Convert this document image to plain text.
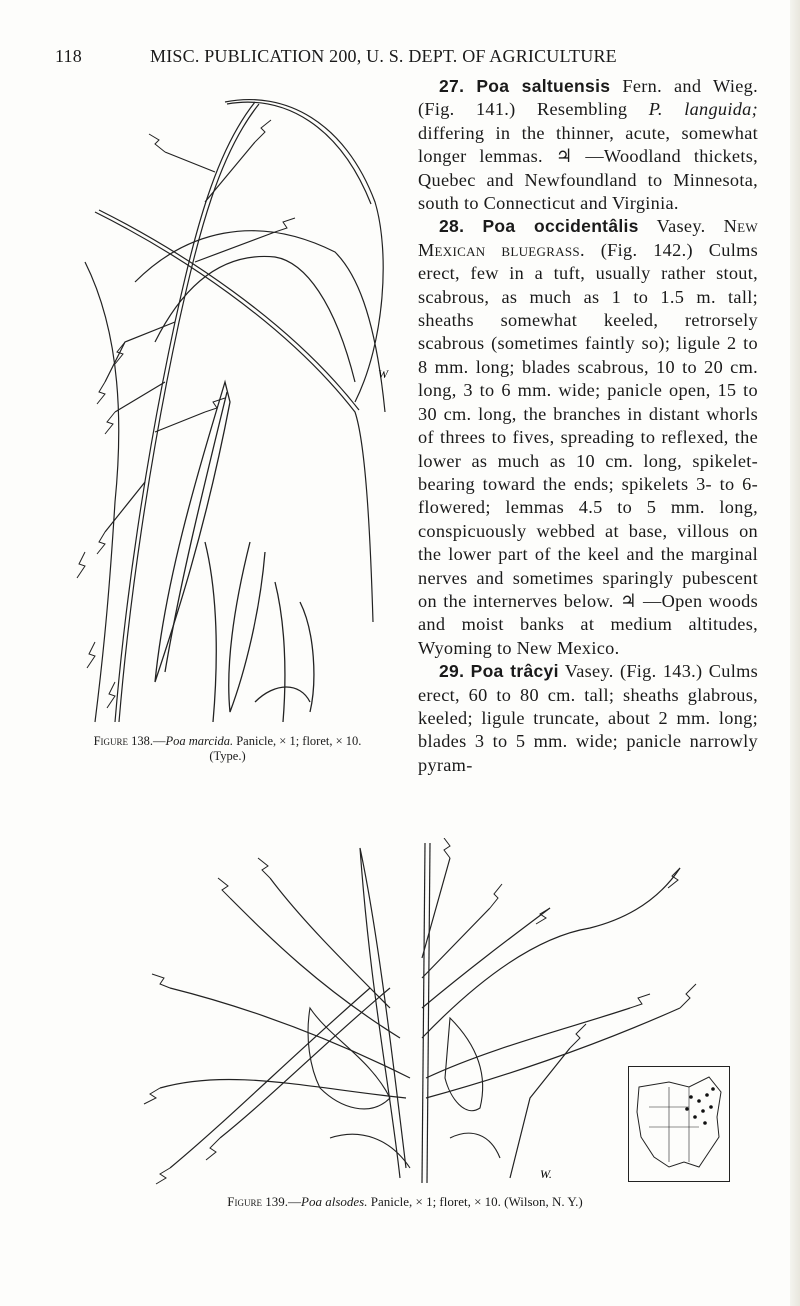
118	MISC. PUBLICATION 200, U. S. DEPT. OF AGRICULTURE
W
Figure 138.—Poa marcida. Panicle, × 1; floret, × 10.
(Type.)

27. Poa saltuensis Fern. and Wieg. (Fig. 141.) Resembling P. languida; differing in the thinner, acute, somewhat longer lemmas. ♃ —Woodland thickets, Quebec and Newfoundland to Minnesota, south to Connecticut and Virginia.

28. Poa occidentâlis Vasey. New Mexican bluegrass. (Fig. 142.) Culms erect, few in a tuft, usually rather stout, scabrous, as much as 1 to 1.5 m. tall; sheaths somewhat keeled, retrorsely scabrous (sometimes faintly so); ligule 2 to 8 mm. long; blades scabrous, 10 to 20 cm. long, 3 to 6 mm. wide; panicle open, 15 to 30 cm. long, the branches in distant whorls of threes to fives, spreading to reflexed, the lower as much as 10 cm. long, spikelet-bearing toward the ends; spikelets 3- to 6-flowered; lemmas 4.5 to 5 mm. long, conspicuously webbed at base, villous on the lower part of the keel and the marginal nerves and sometimes sparingly pubescent on the internerves below. ♃ —Open woods and moist banks at medium altitudes, Wyoming to New Mexico.

29. Poa trâcyi Vasey. (Fig. 143.) Culms erect, 60 to 80 cm. tall; sheaths glabrous, keeled; ligule truncate, about 2 mm. long; blades 3 to 5 mm. wide; panicle narrowly pyram-

W.
Figure 139.—Poa alsodes. Panicle, × 1; floret, × 10. (Wilson, N. Y.)
